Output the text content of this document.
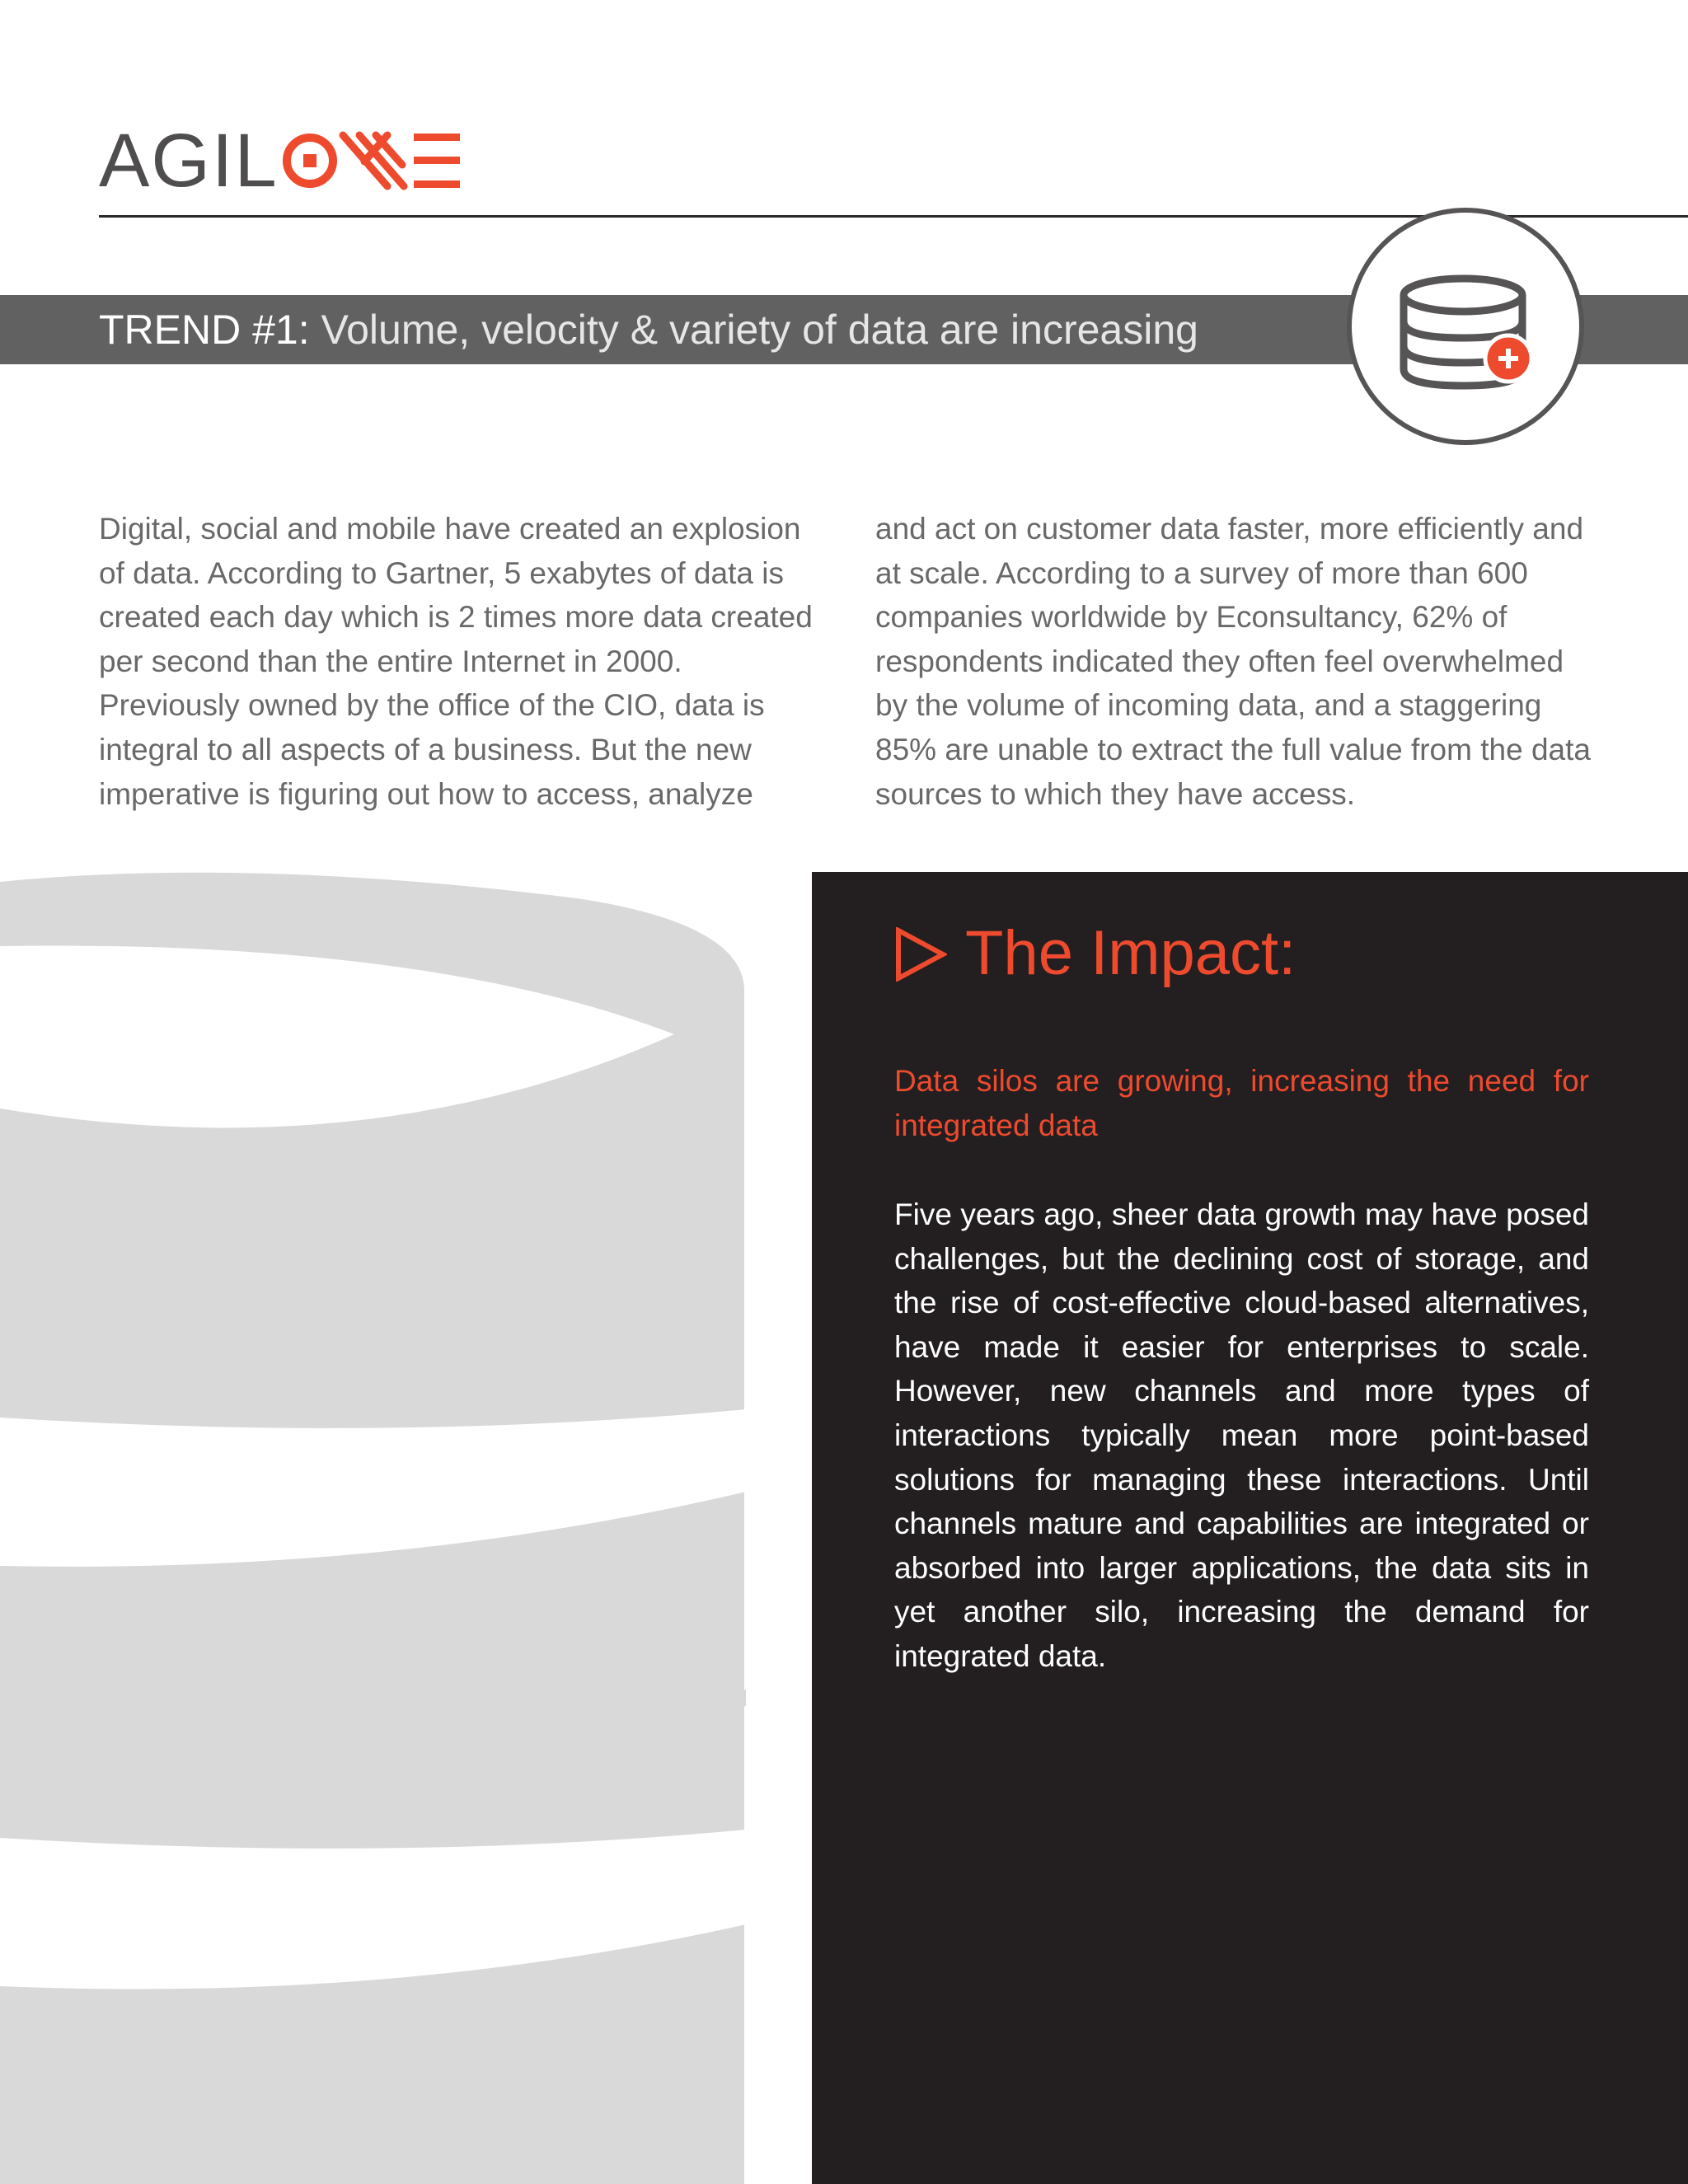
AGIL
TREND #1: Volume, velocity & variety of data are increasing

Digital, social and mobile have created an explosion of data. According to Gartner, 5 exabytes of data is created each day which is 2 times more data created per second than the entire Internet in 2000. Previously owned by the office of the CIO, data is integral to all aspects of a business. But the new imperative is figuring out how to access, analyze

and act on customer data faster, more efficiently and at scale. According to a survey of more than 600 companies worldwide by Econsultancy, 62% of respondents indicated they often feel overwhelmed by the volume of incoming data, and a staggering 85% are unable to extract the full value from the data sources to which they have access.

The Impact:

Data silos are growing, increasing the need for integrated data

Five years ago, sheer data growth may have posed challenges, but the declining cost of storage, and the rise of cost-effective cloud-based alternatives, have made it easier for enterprises to scale. However, new channels and more types of interactions typically mean more point-based solutions for managing these interactions. Until channels mature and capabilities are integrated or absorbed into larger applications, the data sits in yet another silo, increasing the demand for integrated data.
